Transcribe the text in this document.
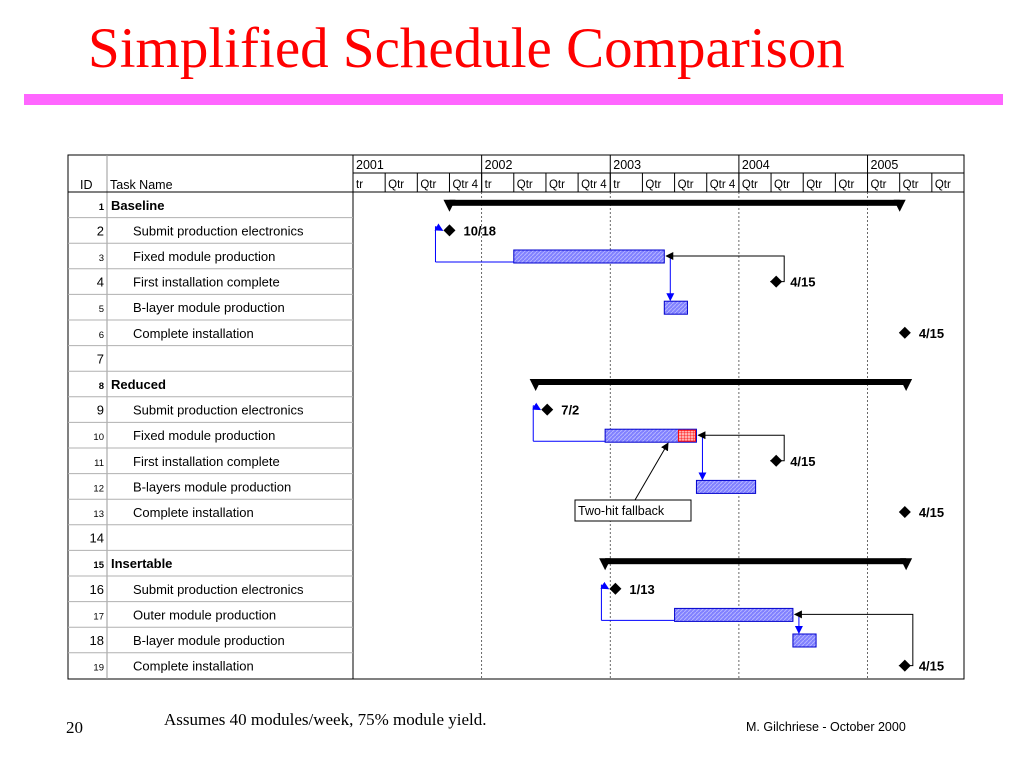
Simplified Schedule Comparison
ID Task Name
2001	2002	2003	2004	2005
tr Qtr Qtr Qtr 4 tr Qtr Qtr Qtr 4 tr Qtr Qtr Qtr 4 Qtr Qtr Qtr Qtr Qtr Qtr Qtr
1 Baseline
2 Submit production electronics
3 Fixed module production
4 First installation complete
5 B-layer module production
6 Complete installation
7
8 Reduced
9 Submit production electronics
10 Fixed module production
11 First installation complete
12 B-layers module production
13 Complete installation
14
15 Insertable
16 Submit production electronics
17 Outer module production
18 B-layer module production
19 Complete installation
10/18
4/15
4/15
7/2
4/15
4/15
1/13
4/15
Two-hit fallback
Assumes 40 modules/week, 75% module yield.
20	M. Gilchriese - October 2000
